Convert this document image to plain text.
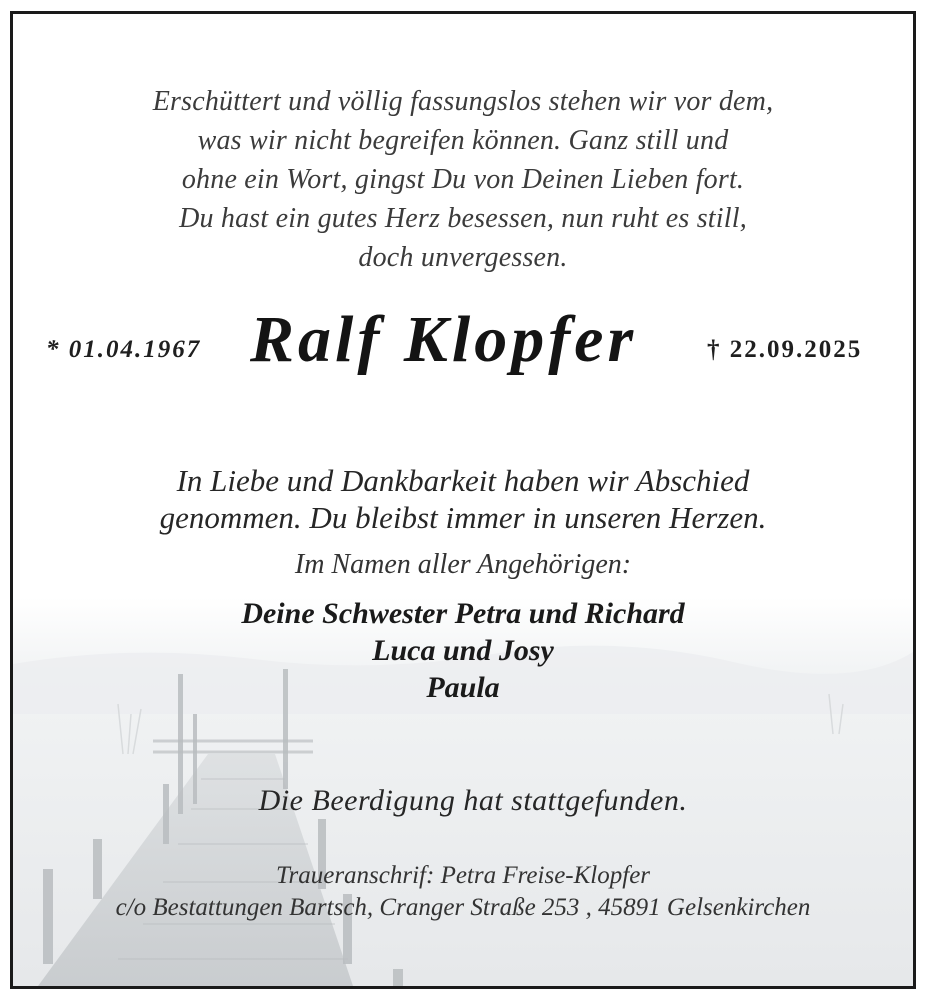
Erschüttert und völlig fassungslos stehen wir vor dem,
was wir nicht begreifen können. Ganz still und
ohne ein Wort, gingst Du von Deinen Lieben fort.
Du hast ein gutes Herz besessen, nun ruht es still,
doch unvergessen.
* 01.04.1967 Ralf Klopfer	† 22.09.2025
In Liebe und Dankbarkeit haben wir Abschied
genommen. Du bleibst immer in unseren Herzen.
Im Namen aller Angehörigen:
Deine Schwester Petra und Richard
Luca und Josy
Paula
Die Beerdigung hat stattgefunden.
Traueranschrif: Petra Freise-Klopfer
c/o Bestattungen Bartsch, Cranger Straße 253 , 45891 Gelsenkirchen
